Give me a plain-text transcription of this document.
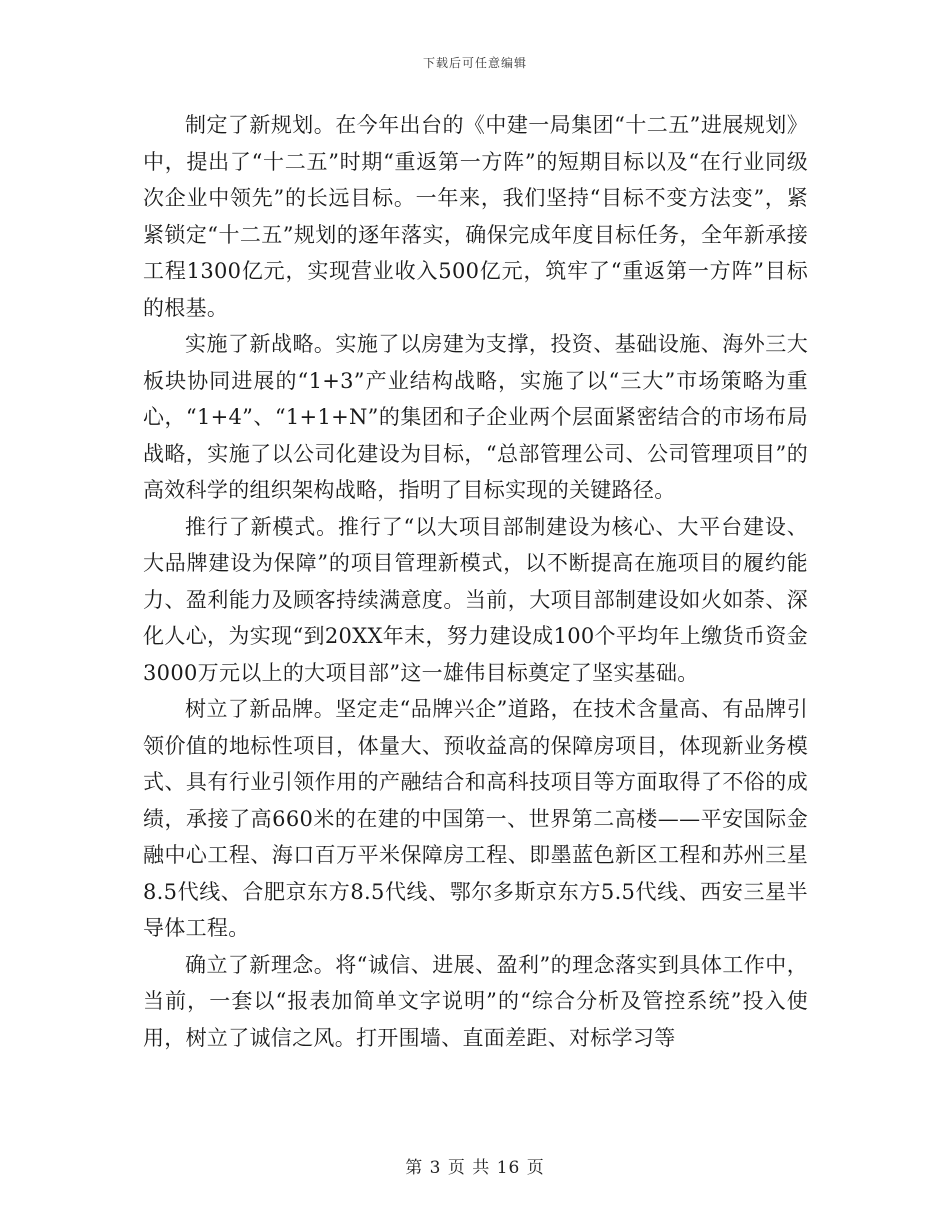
下载后可任意编辑

制定了新规划。在今年出台的《中建一局集团“十二五”进展规划》中，提出了“十二五”时期“重返第一方阵”的短期目标以及“在行业同级次企业中领先”的长远目标。一年来，我们坚持“目标不变方法变”，紧紧锁定“十二五”规划的逐年落实，确保完成年度目标任务，全年新承接工程1300亿元，实现营业收入500亿元，筑牢了“重返第一方阵”目标的根基。

实施了新战略。实施了以房建为支撑，投资、基础设施、海外三大板块协同进展的“1+3”产业结构战略，实施了以“三大”市场策略为重心，“1+4”、“1+1+N”的集团和子企业两个层面紧密结合的市场布局战略，实施了以公司化建设为目标，“总部管理公司、公司管理项目”的高效科学的组织架构战略，指明了目标实现的关键路径。

推行了新模式。推行了“以大项目部制建设为核心、大平台建设、大品牌建设为保障”的项目管理新模式，以不断提高在施项目的履约能力、盈利能力及顾客持续满意度。当前，大项目部制建设如火如荼、深化人心，为实现“到20XX年末，努力建设成100个平均年上缴货币资金3000万元以上的大项目部”这一雄伟目标奠定了坚实基础。

树立了新品牌。坚定走“品牌兴企”道路，在技术含量高、有品牌引领价值的地标性项目，体量大、预收益高的保障房项目，体现新业务模式、具有行业引领作用的产融结合和高科技项目等方面取得了不俗的成绩，承接了高660米的在建的中国第一、世界第二高楼——平安国际金融中心工程、海口百万平米保障房工程、即墨蓝色新区工程和苏州三星8.5代线、合肥京东方8.5代线、鄂尔多斯京东方5.5代线、西安三星半导体工程。

确立了新理念。将“诚信、进展、盈利”的理念落实到具体工作中，当前，一套以“报表加简单文字说明”的“综合分析及管控系统”投入使用，树立了诚信之风。打开围墙、直面差距、对标学习等

第 3 页 共 16 页
